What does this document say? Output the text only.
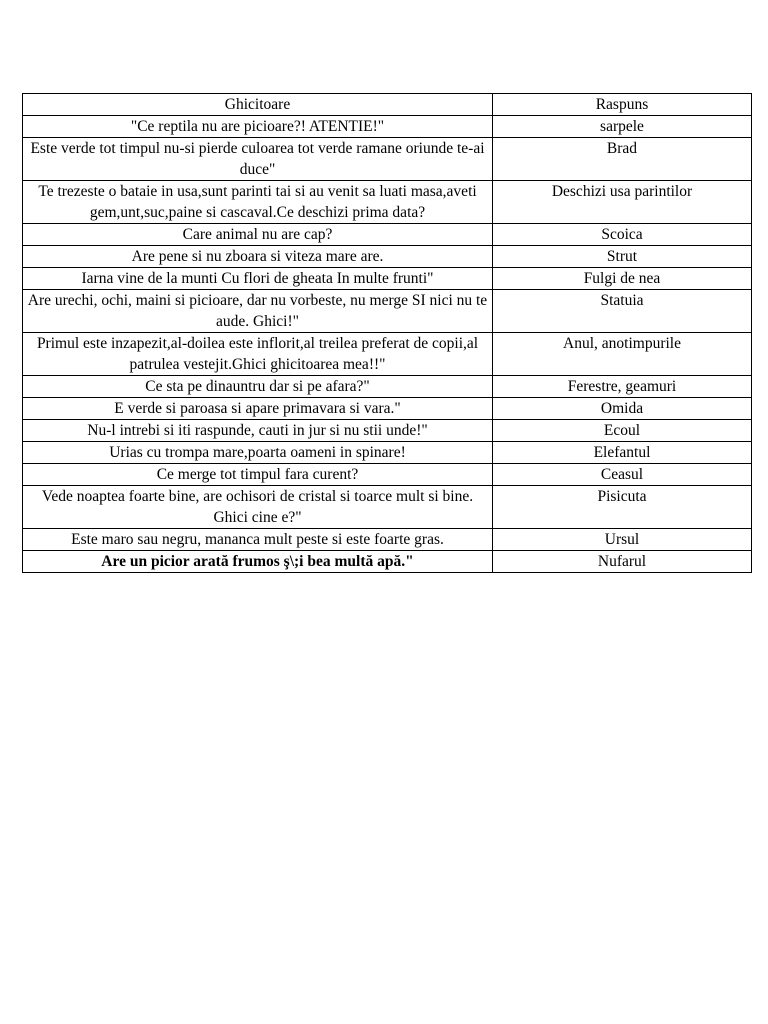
Ghicitoare	Raspuns
"Ce reptila nu are picioare?! ATENTIE!"	sarpele
Este verde tot timpul nu-si pierde culoarea tot verde ramane oriunde te-ai duce"	Brad
Te trezeste o bataie in usa,sunt parinti tai si au venit sa luati masa,aveti gem,unt,suc,paine si cascaval.Ce deschizi prima data?	Deschizi usa parintilor
Care animal nu are cap?	Scoica
Are pene si nu zboara si viteza mare are.	Strut
Iarna vine de la munti Cu flori de gheata In multe frunti"	Fulgi de nea
Are urechi, ochi, maini si picioare, dar nu vorbeste, nu merge SI nici nu te aude. Ghici!"	Statuia
Primul este inzapezit,al-doilea este inflorit,al treilea preferat de copii,al patrulea vestejit.Ghici ghicitoarea mea!!"	Anul, anotimpurile
Ce sta pe dinauntru dar si pe afara?"	Ferestre, geamuri
E verde si paroasa si apare primavara si vara."	Omida
Nu-l intrebi si iti raspunde, cauti in jur si nu stii unde!"	Ecoul
Urias cu trompa mare,poarta oameni in spinare!	Elefantul
Ce merge tot timpul fara curent?	Ceasul
Vede noaptea foarte bine, are ochisori de cristal si toarce mult si bine. Ghici cine e?"	Pisicuta
Este maro sau negru, mananca mult peste si este foarte gras.	Ursul
Are un picior arată frumos ş\;i bea multă apă."	Nufarul
